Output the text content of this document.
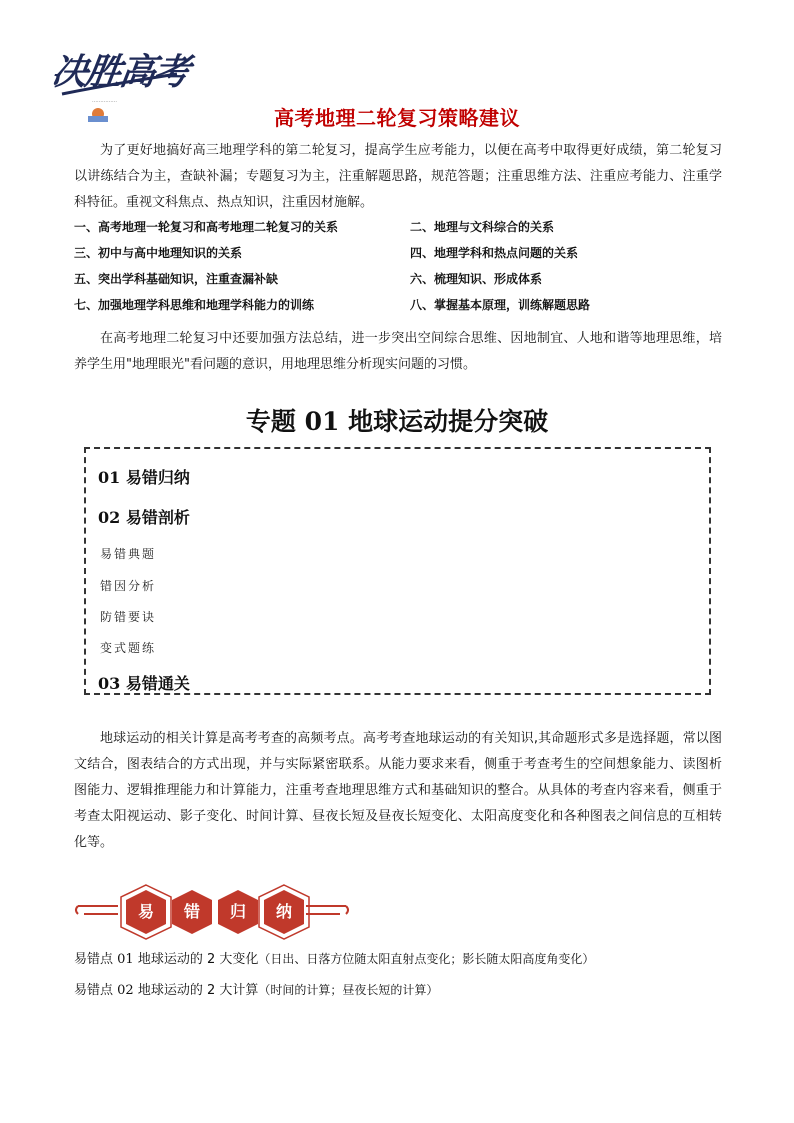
决胜高考
……………
高考地理二轮复习策略建议

为了更好地搞好高三地理学科的第二轮复习，提高学生应考能力，以便在高考中取得更好成绩，第二轮复习以讲练结合为主，查缺补漏；专题复习为主，注重解题思路，规范答题；注重思维方法、注重应考能力、注重学科特征。重视文科焦点、热点知识，注重因材施解。

一、高考地理一轮复习和高考地理二轮复习的关系	二、地理与文科综合的关系
三、初中与高中地理知识的关系	四、地理学科和热点问题的关系
五、突出学科基础知识，注重查漏补缺	六、梳理知识、形成体系
七、加强地理学科思维和地理学科能力的训练	八、掌握基本原理，训练解题思路

在高考地理二轮复习中还要加强方法总结，进一步突出空间综合思维、因地制宜、人地和谐等地理思维，培养学生用"地理眼光"看问题的意识，用地理思维分析现实问题的习惯。

专题 01 地球运动提分突破
01 易错归纳
02 易错剖析
易错典题
错因分析
防错要诀
变式题练
03 易错通关

地球运动的相关计算是高考考查的高频考点。高考考查地球运动的有关知识,其命题形式多是选择题，常以图文结合，图表结合的方式出现，并与实际紧密联系。从能力要求来看，侧重于考查考生的空间想象能力、读图析图能力、逻辑推理能力和计算能力，注重考查地理思维方式和基础知识的整合。从具体的考查内容来看，侧重于考查太阳视运动、影子变化、时间计算、昼夜长短及昼夜长短变化、太阳高度变化和各种图表之间信息的互相转化等。

易	错	归	纳
易错点 01 地球运动的 2 大变化（日出、日落方位随太阳直射点变化；影长随太阳高度角变化）
易错点 02 地球运动的 2 大计算（时间的计算；昼夜长短的计算）
